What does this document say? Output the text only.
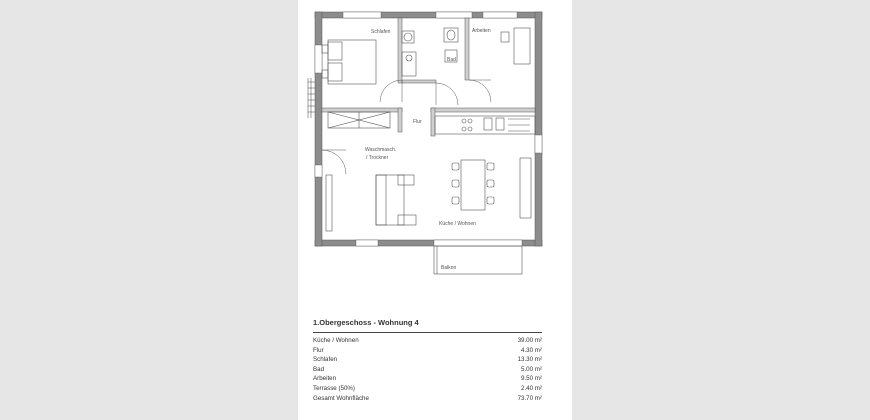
Schlafen	Arbeiten
Bad
Flur
Waschmasch.
/ Trockner
Küche / Wohnen
Balkon
1.Obergeschoss - Wohnung 4
Küche / Wohnen	39.00 m²
Flur	4.30 m²
Schlafen	13.30 m²
Bad	5.00 m²
Arbeiten	9.50 m²
Terrasse (50%)	2.40 m²
Gesamt Wohnfläche	73.70 m²
